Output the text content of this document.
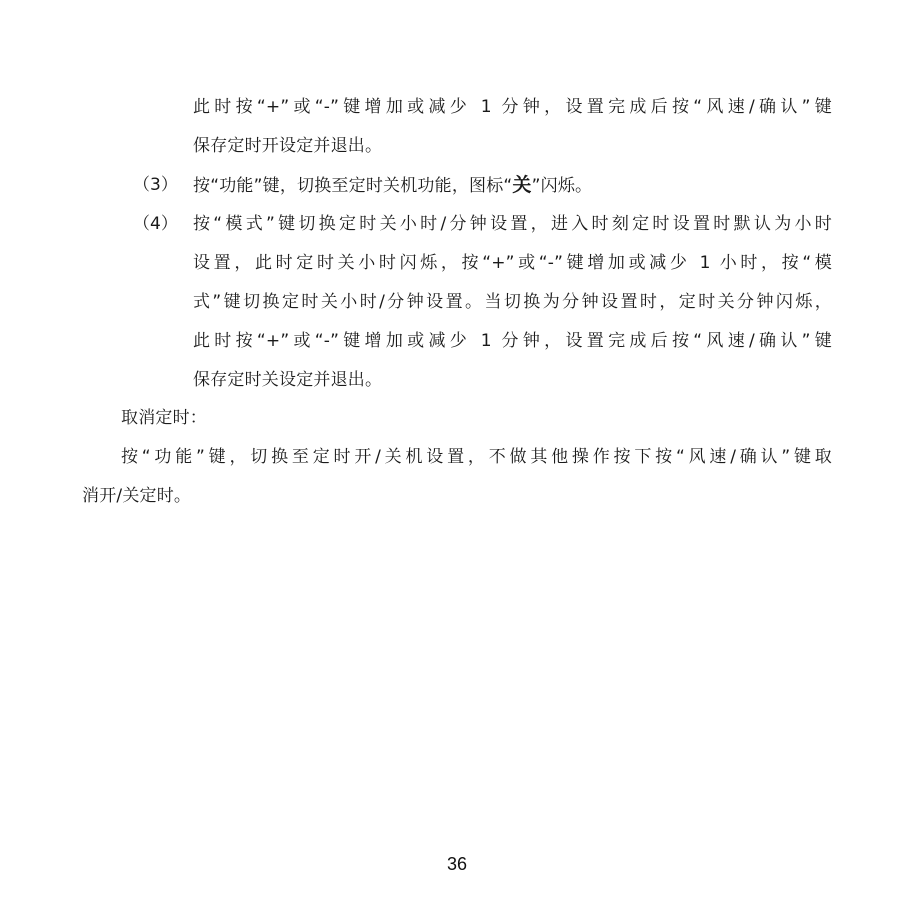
此时按“+”或“-”键增加或减少 1 分钟，设置完成后按“风速/确认”键
保存定时开设定并退出。
（3） 按“功能”键，切换至定时关机功能，图标“关”闪烁。
（4） 按“模式”键切换定时关小时/分钟设置，进入时刻定时设置时默认为小时
设置，此时定时关小时闪烁，按“+”或“-”键增加或减少 1 小时，按“模
式”键切换定时关小时/分钟设置。当切换为分钟设置时，定时关分钟闪烁，
此时按“+”或“-”键增加或减少 1 分钟，设置完成后按“风速/确认”键
保存定时关设定并退出。
取消定时：
按“功能”键，切换至定时开/关机设置，不做其他操作按下按“风速/确认”键取
消开/关定时。
36
